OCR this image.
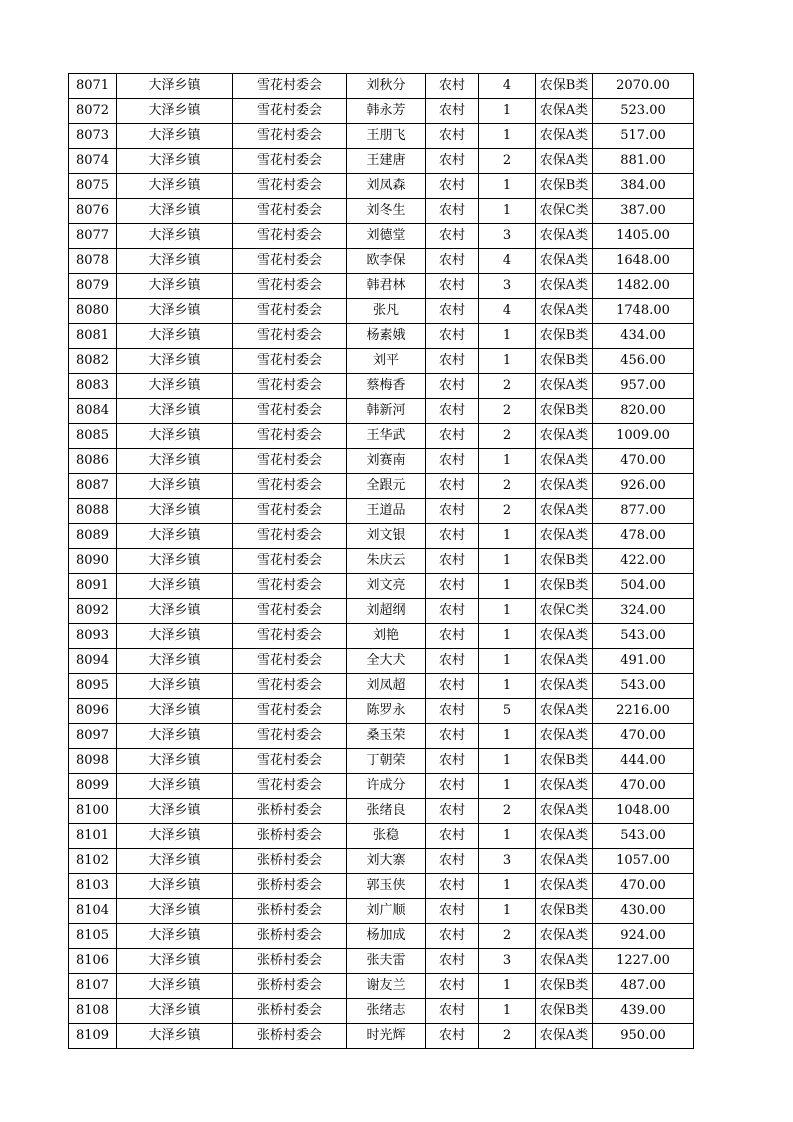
8071	大泽乡镇	雪花村委会	刘秋分	农村	4	农保B类	2070.00
8072	大泽乡镇	雪花村委会	韩永芳	农村	1	农保A类	523.00
8073	大泽乡镇	雪花村委会	王朋飞	农村	1	农保A类	517.00
8074	大泽乡镇	雪花村委会	王建唐	农村	2	农保A类	881.00
8075	大泽乡镇	雪花村委会	刘凤森	农村	1	农保B类	384.00
8076	大泽乡镇	雪花村委会	刘冬生	农村	1	农保C类	387.00
8077	大泽乡镇	雪花村委会	刘德堂	农村	3	农保A类	1405.00
8078	大泽乡镇	雪花村委会	欧李保	农村	4	农保A类	1648.00
8079	大泽乡镇	雪花村委会	韩君林	农村	3	农保A类	1482.00
8080	大泽乡镇	雪花村委会	张凡	农村	4	农保A类	1748.00
8081	大泽乡镇	雪花村委会	杨素娥	农村	1	农保B类	434.00
8082	大泽乡镇	雪花村委会	刘平	农村	1	农保B类	456.00
8083	大泽乡镇	雪花村委会	蔡梅香	农村	2	农保A类	957.00
8084	大泽乡镇	雪花村委会	韩新河	农村	2	农保B类	820.00
8085	大泽乡镇	雪花村委会	王华武	农村	2	农保A类	1009.00
8086	大泽乡镇	雪花村委会	刘赛南	农村	1	农保A类	470.00
8087	大泽乡镇	雪花村委会	全跟元	农村	2	农保A类	926.00
8088	大泽乡镇	雪花村委会	王道品	农村	2	农保A类	877.00
8089	大泽乡镇	雪花村委会	刘文银	农村	1	农保A类	478.00
8090	大泽乡镇	雪花村委会	朱庆云	农村	1	农保B类	422.00
8091	大泽乡镇	雪花村委会	刘文亮	农村	1	农保B类	504.00
8092	大泽乡镇	雪花村委会	刘超纲	农村	1	农保C类	324.00
8093	大泽乡镇	雪花村委会	刘艳	农村	1	农保A类	543.00
8094	大泽乡镇	雪花村委会	全大犬	农村	1	农保A类	491.00
8095	大泽乡镇	雪花村委会	刘凤超	农村	1	农保A类	543.00
8096	大泽乡镇	雪花村委会	陈罗永	农村	5	农保A类	2216.00
8097	大泽乡镇	雪花村委会	桑玉荣	农村	1	农保A类	470.00
8098	大泽乡镇	雪花村委会	丁朝荣	农村	1	农保B类	444.00
8099	大泽乡镇	雪花村委会	许成分	农村	1	农保A类	470.00
8100	大泽乡镇	张桥村委会	张绪良	农村	2	农保A类	1048.00
8101	大泽乡镇	张桥村委会	张稳	农村	1	农保A类	543.00
8102	大泽乡镇	张桥村委会	刘大寨	农村	3	农保A类	1057.00
8103	大泽乡镇	张桥村委会	郭玉侠	农村	1	农保A类	470.00
8104	大泽乡镇	张桥村委会	刘广顺	农村	1	农保B类	430.00
8105	大泽乡镇	张桥村委会	杨加成	农村	2	农保A类	924.00
8106	大泽乡镇	张桥村委会	张夫雷	农村	3	农保A类	1227.00
8107	大泽乡镇	张桥村委会	谢友兰	农村	1	农保B类	487.00
8108	大泽乡镇	张桥村委会	张绪志	农村	1	农保B类	439.00
8109	大泽乡镇	张桥村委会	时光辉	农村	2	农保A类	950.00
